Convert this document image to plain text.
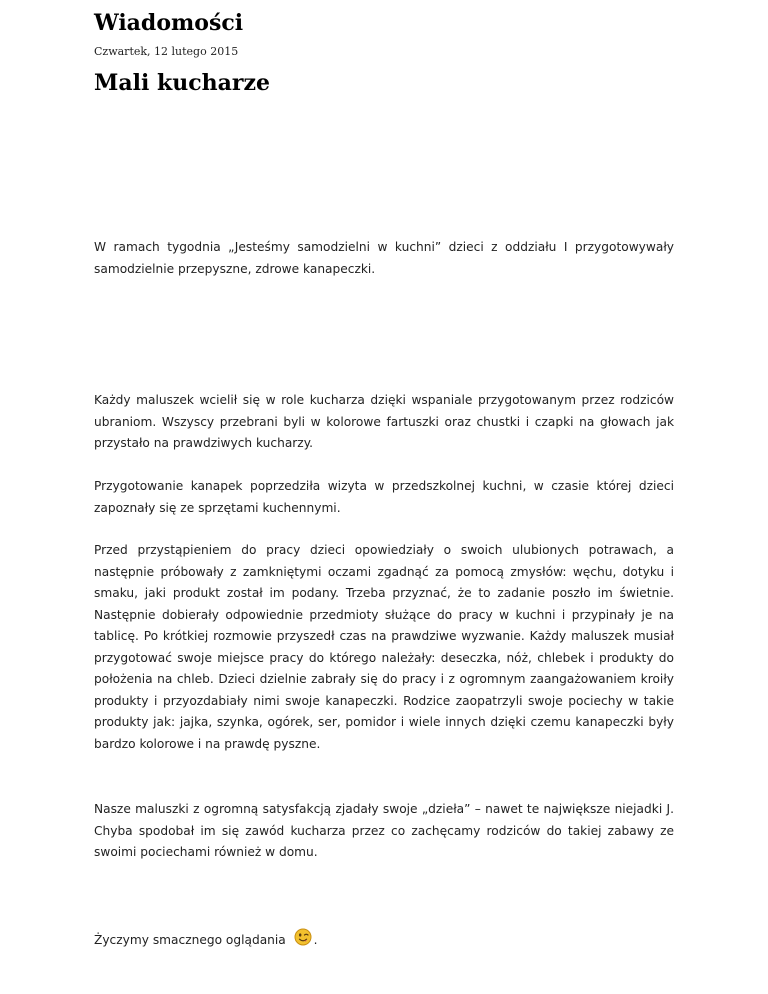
Wiadomości
Czwartek, 12 lutego 2015
Mali kucharze

W ramach tygodnia „Jesteśmy samodzielni w kuchni” dzieci z oddziału I przygotowywały samodzielnie przepyszne, zdrowe kanapeczki.

Każdy maluszek wcielił się w role kucharza dzięki wspaniale przygotowanym przez rodziców ubraniom. Wszyscy przebrani byli w kolorowe fartuszki oraz chustki i czapki na głowach jak przystało na prawdziwych kucharzy.

Przygotowanie kanapek poprzedziła wizyta w przedszkolnej kuchni, w czasie której dzieci zapoznały się ze sprzętami kuchennymi.

Przed przystąpieniem do pracy dzieci opowiedziały o swoich ulubionych potrawach, a następnie próbowały z zamkniętymi oczami zgadnąć za pomocą zmysłów: węchu, dotyku i smaku, jaki produkt został im podany. Trzeba przyznać, że to zadanie poszło im świetnie. Następnie dobierały odpowiednie przedmioty służące do pracy w kuchni i przypinały je na tablicę. Po krótkiej rozmowie przyszedł czas na prawdziwe wyzwanie. Każdy maluszek musiał przygotować swoje miejsce pracy do którego należały: deseczka, nóż, chlebek i produkty do położenia na chleb. Dzieci dzielnie zabrały się do pracy i z ogromnym zaangażowaniem kroiły produkty i przyozdabiały nimi swoje kanapeczki. Rodzice zaopatrzyli swoje pociechy w takie produkty jak: jajka, szynka, ogórek, ser, pomidor i wiele innych dzięki czemu kanapeczki były bardzo kolorowe i na prawdę pyszne.

Nasze maluszki z ogromną satysfakcją zjadały swoje „dzieła” – nawet te największe niejadki J. Chyba spodobał im się zawód kucharza przez co zachęcamy rodziców do takiej zabawy ze swoimi pociechami również w domu.

Życzymy smacznego oglądania .
